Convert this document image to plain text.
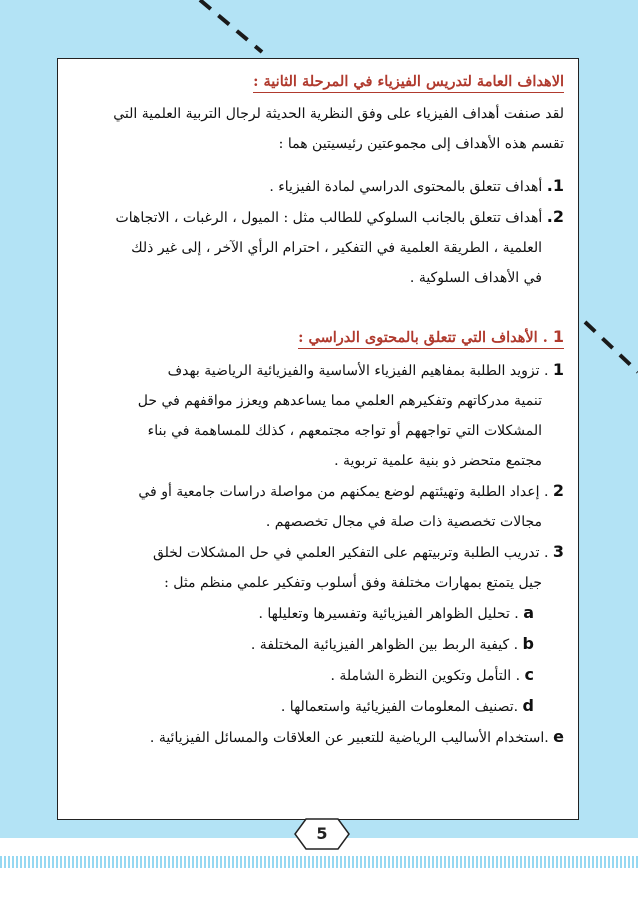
الاهداف العامة لتدريس الفيزياء في المرحلة الثانية :
لقد صنفت أهداف الفيزياء على وفق النظرية الحديثة لرجال التربية العلمية التي
تقسم هذه الأهداف إلى مجموعتين رئيسيتين هما :
1. أهداف تتعلق بالمحتوى الدراسي لمادة الفيزياء .
2. أهداف تتعلق بالجانب السلوكي للطالب مثل : الميول ، الرغبات ، الاتجاهات
العلمية ، الطريقة العلمية في التفكير ، احترام الرأي الآخر ، إلى غير ذلك
في الأهداف السلوكية .
1 . الأهداف التي تتعلق بالمحتوى الدراسي :
1 . تزويد الطلبة بمفاهيم الفيزياء الأساسية والفيزيائية الرياضية بهدف
تنمية مدركاتهم وتفكيرهم العلمي مما يساعدهم ويعزز مواقفهم في حل
المشكلات التي تواجههم أو تواجه مجتمعهم ، كذلك للمساهمة في بناء
مجتمع متحضر ذو بنية علمية تربوية .
2 . إعداد الطلبة وتهيئتهم لوضع يمكنهم من مواصلة دراسات جامعية أو في
مجالات تخصصية ذات صلة في مجال تخصصهم .
3 . تدريب الطلبة وتربيتهم على التفكير العلمي في حل المشكلات لخلق
جيل يتمتع بمهارات مختلفة وفق أسلوب وتفكير علمي منظم مثل :
a . تحليل الظواهر الفيزيائية وتفسيرها وتعليلها .
b . كيفية الربط بين الظواهر الفيزيائية المختلفة .
c . التأمل وتكوين النظرة الشاملة .
d .تصنيف المعلومات الفيزيائية واستعمالها .
e .استخدام الأساليب الرياضية للتعبير عن العلاقات والمسائل الفيزيائية .
5
